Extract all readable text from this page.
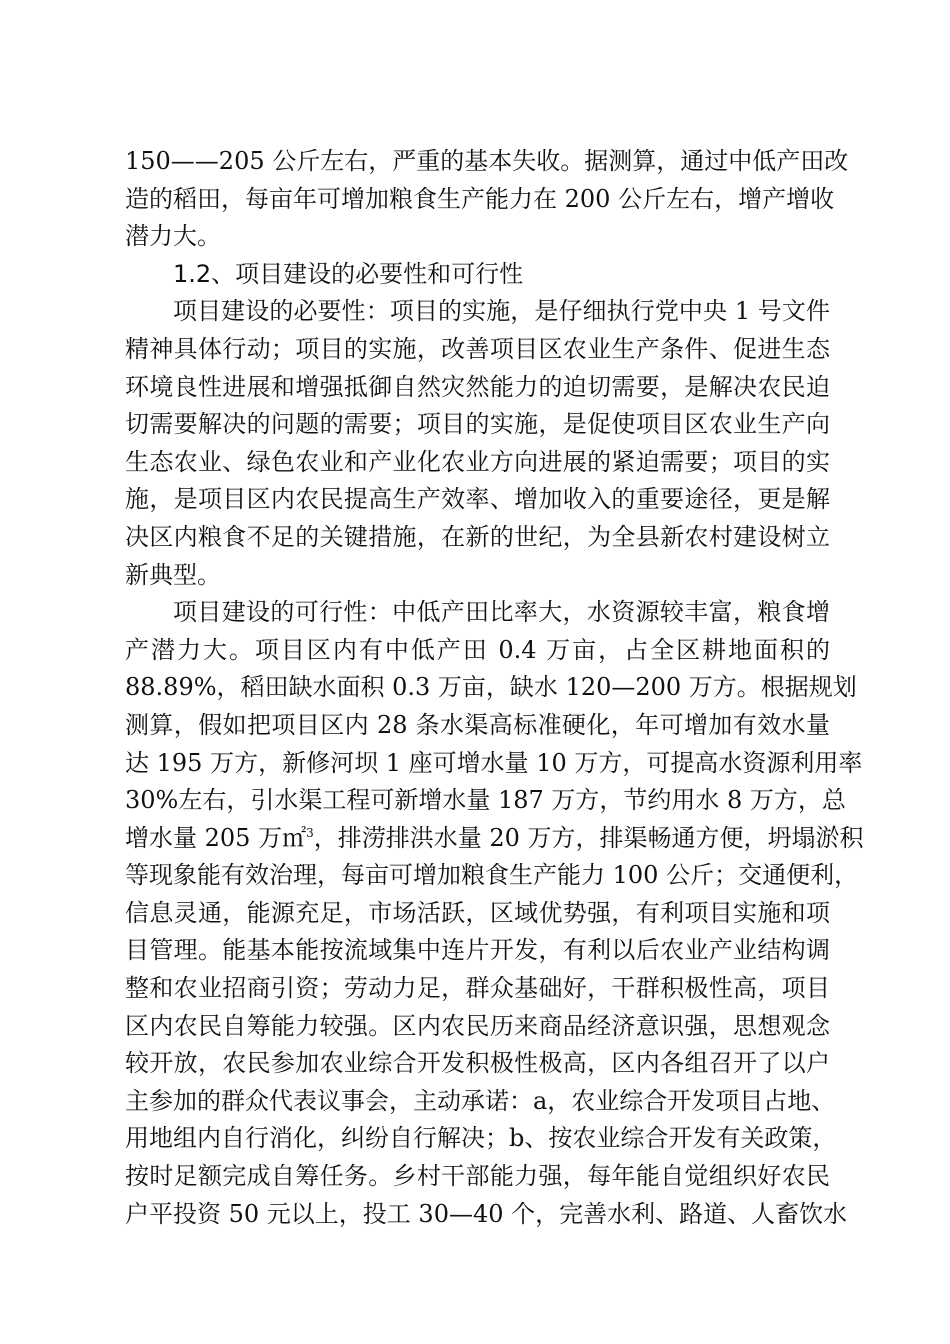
150——205 公斤左右，严重的基本失收。据测算，通过中低产田改
造的稻田，每亩年可增加粮食生产能力在 200 公斤左右，增产增收
潜力大。
1.2、项目建设的必要性和可行性
项目建设的必要性：项目的实施，是仔细执行党中央 1 号文件
精神具体行动；项目的实施，改善项目区农业生产条件、促进生态
环境良性进展和增强抵御自然灾然能力的迫切需要，是解决农民迫
切需要解决的问题的需要；项目的实施，是促使项目区农业生产向
生态农业、绿色农业和产业化农业方向进展的紧迫需要；项目的实
施，是项目区内农民提高生产效率、增加收入的重要途径，更是解
决区内粮食不足的关键措施，在新的世纪，为全县新农村建设树立
新典型。
项目建设的可行性：中低产田比率大，水资源较丰富，粮食增
产潜力大。项目区内有中低产田 0.4 万亩，占全区耕地面积的
88.89%，稻田缺水面积 0.3 万亩，缺水 120—200 万方。根据规划
测算，假如把项目区内 28 条水渠高标准硬化，年可增加有效水量
达 195 万方，新修河坝 1 座可增水量 10 万方，可提高水资源利用率
30%左右，引水渠工程可新增水量 187 万方，节约用水 8 万方，总
增水量 205 万㎡$^3$，排涝排洪水量 20 万方，排渠畅通方便，坍塌淤积
等现象能有效治理，每亩可增加粮食生产能力 100 公斤；交通便利，
信息灵通，能源充足，市场活跃，区域优势强，有利项目实施和项
目管理。能基本能按流域集中连片开发，有利以后农业产业结构调
整和农业招商引资；劳动力足，群众基础好，干群积极性高，项目
区内农民自筹能力较强。区内农民历来商品经济意识强，思想观念
较开放，农民参加农业综合开发积极性极高，区内各组召开了以户
主参加的群众代表议事会，主动承诺：a，农业综合开发项目占地、
用地组内自行消化，纠纷自行解决；b、按农业综合开发有关政策，
按时足额完成自筹任务。乡村干部能力强，每年能自觉组织好农民
户平投资 50 元以上，投工 30—40 个，完善水利、路道、人畜饮水
